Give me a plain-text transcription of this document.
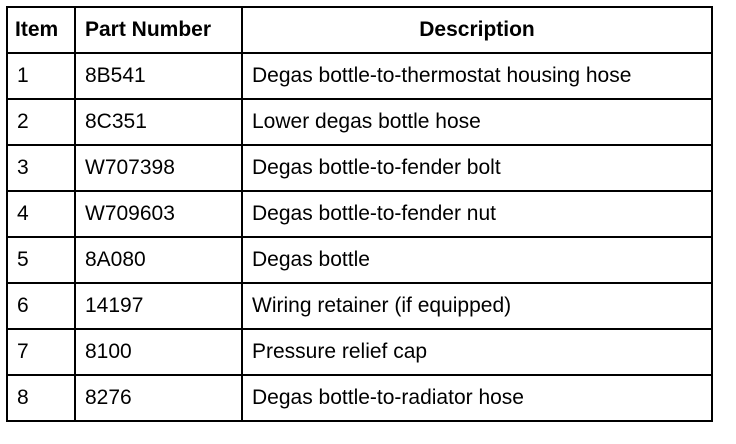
Item	Part Number	Description
1	8B541	Degas bottle-to-thermostat housing hose
2	8C351	Lower degas bottle hose
3	W707398	Degas bottle-to-fender bolt
4	W709603	Degas bottle-to-fender nut
5	8A080	Degas bottle
6	14197	Wiring retainer (if equipped)
7	8100	Pressure relief cap
8	8276	Degas bottle-to-radiator hose
